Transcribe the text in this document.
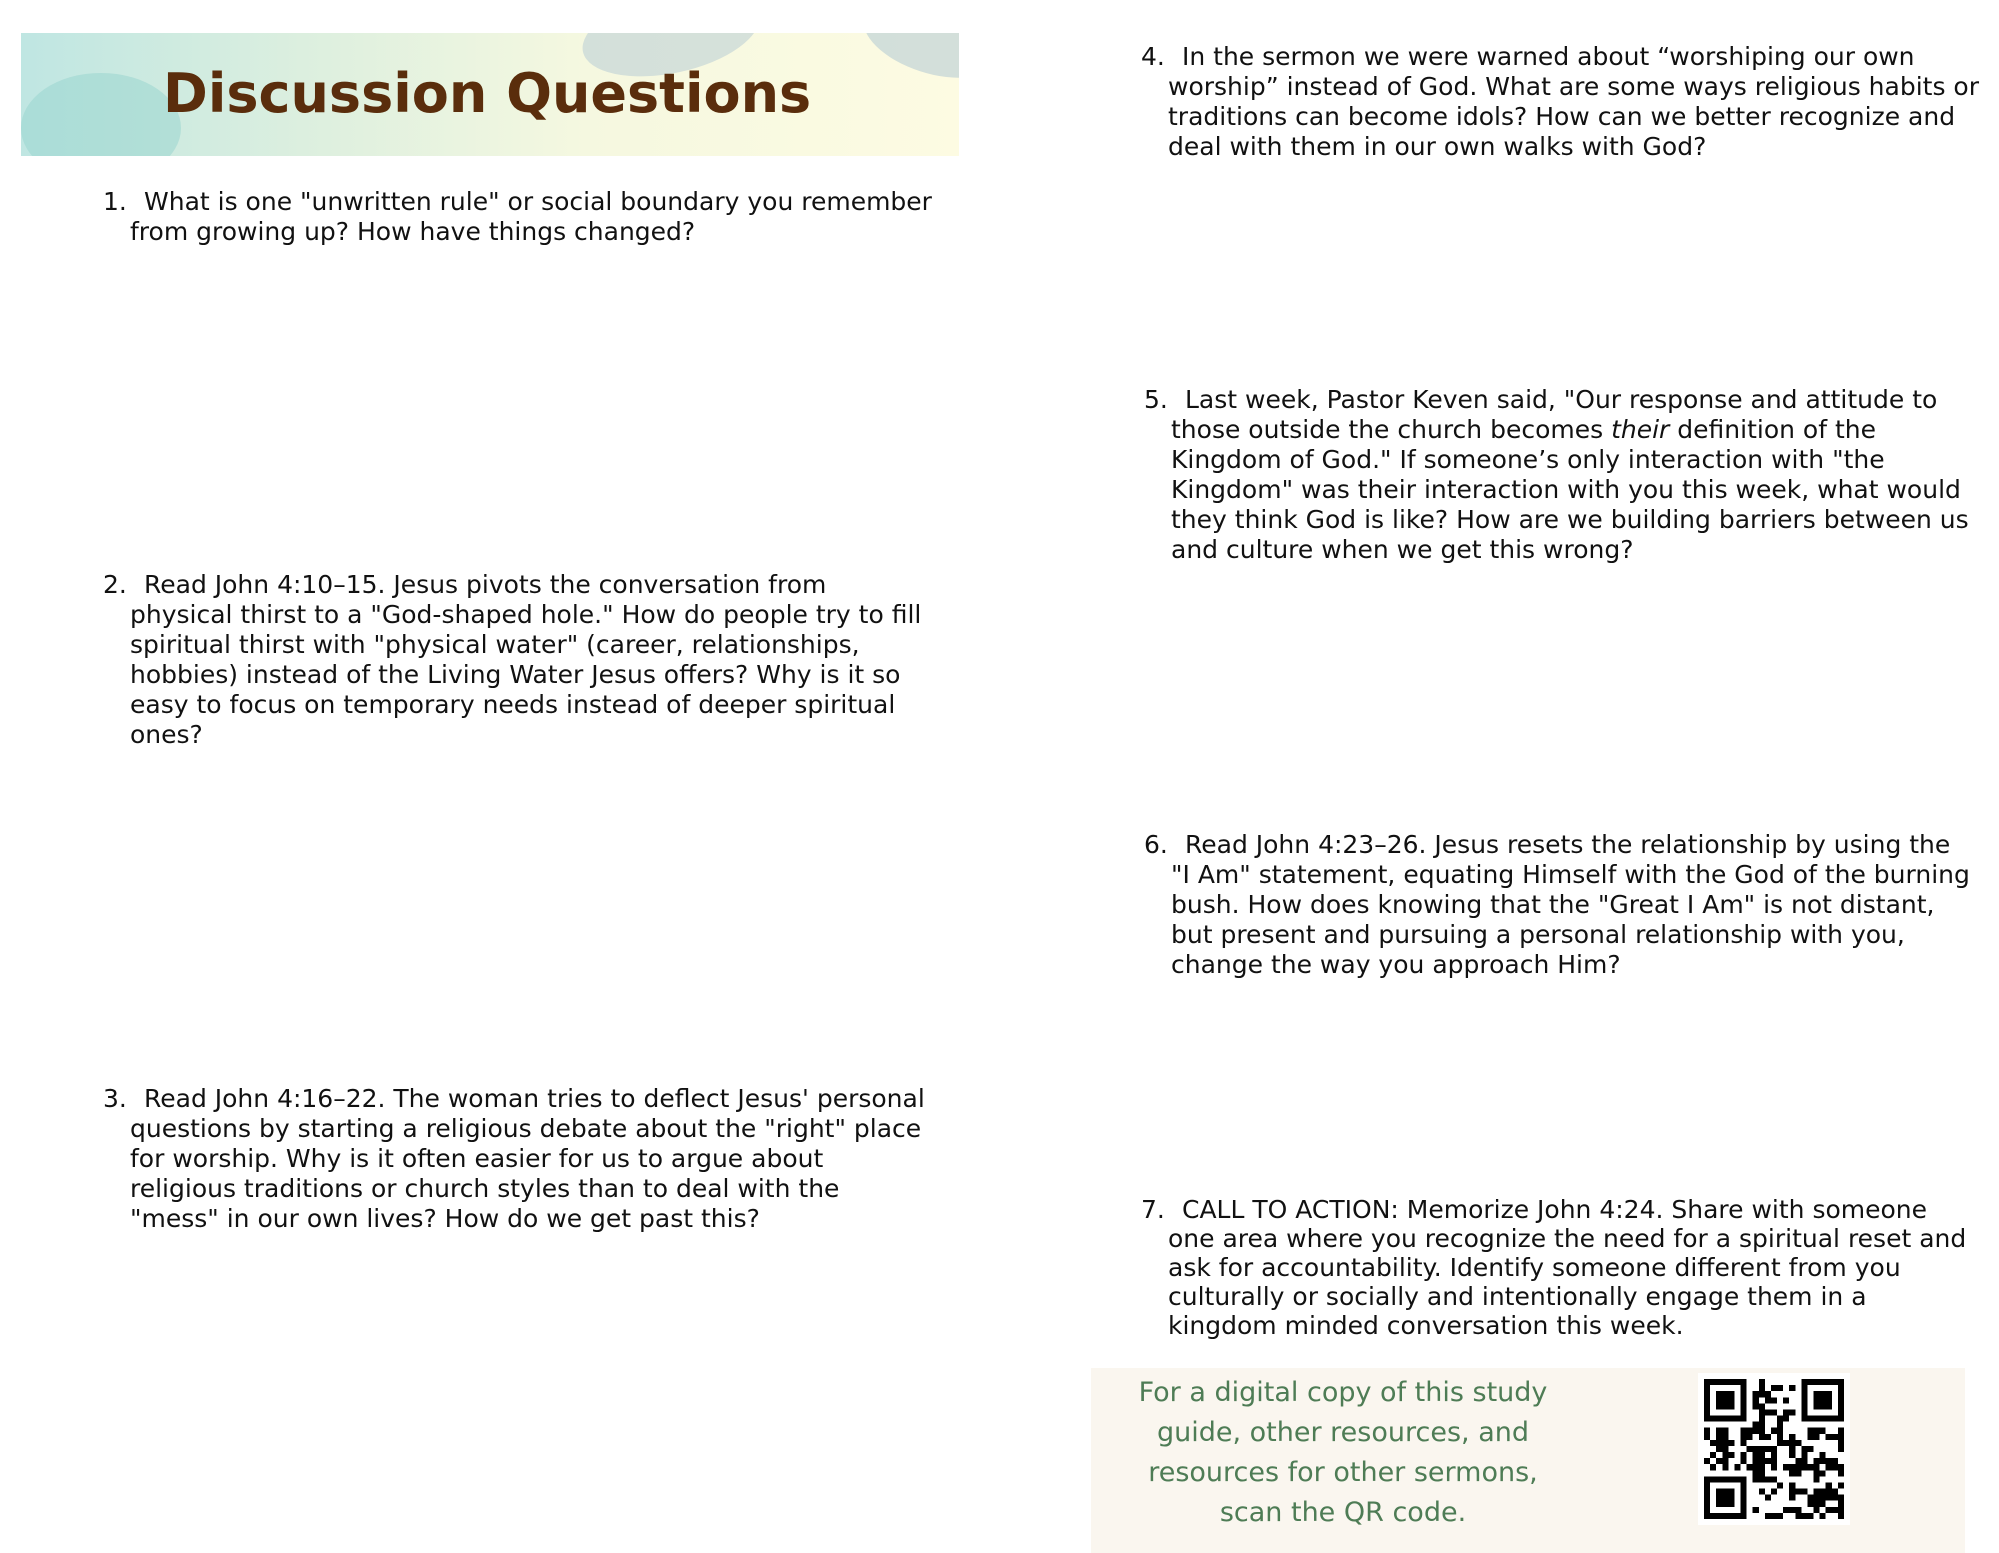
Discussion Questions

1. What is one "unwritten rule" or social boundary you remember from growing up? How have things changed?

2. Read John 4:10–15. Jesus pivots the conversation from physical thirst to a "God-shaped hole." How do people try to fill spiritual thirst with "physical water" (career, relationships, hobbies) instead of the Living Water Jesus offers? Why is it so easy to focus on temporary needs instead of deeper spiritual ones?

3. Read John 4:16–22. The woman tries to deflect Jesus' personal questions by starting a religious debate about the "right" place for worship. Why is it often easier for us to argue about religious traditions or church styles than to deal with the "mess" in our own lives? How do we get past this?

4. In the sermon we were warned about “worshiping our own worship” instead of God. What are some ways religious habits or traditions can become idols? How can we better recognize and deal with them in our own walks with God?

5. Last week, Pastor Keven said, "Our response and attitude to those outside the church becomes their definition of the Kingdom of God." If someone’s only interaction with "the Kingdom" was their interaction with you this week, what would they think God is like? How are we building barriers between us and culture when we get this wrong?

6. Read John 4:23–26. Jesus resets the relationship by using the "I Am" statement, equating Himself with the God of the burning bush. How does knowing that the "Great I Am" is not distant, but present and pursuing a personal relationship with you, change the way you approach Him?

7. CALL TO ACTION: Memorize John 4:24. Share with someone one area where you recognize the need for a spiritual reset and ask for accountability. Identify someone different from you culturally or socially and intentionally engage them in a kingdom minded conversation this week.

For a digital copy of this study guide, other resources, and resources for other sermons, scan the QR code.
